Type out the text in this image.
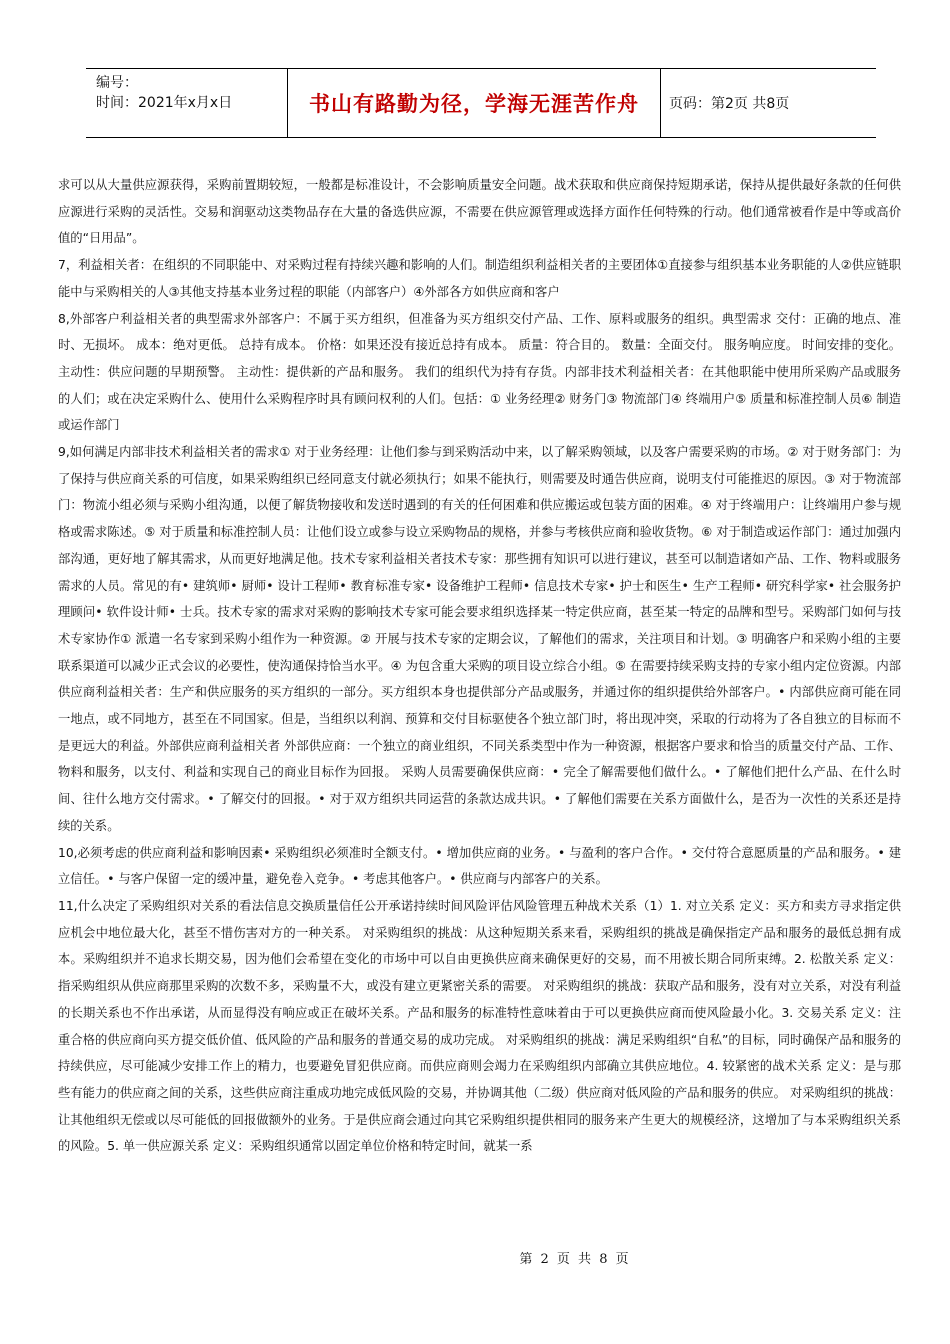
编号：
时间：2021年x月x日	书山有路勤为径，学海无涯苦作舟 页码：第2页 共8页

求可以从大量供应源获得，采购前置期较短，一般都是标准设计，不会影响质量安全问题。战术获取和供应商保持短期承诺，保持从提供最好条款的任何供应源进行采购的灵活性。交易和润驱动这类物品存在大量的备选供应源，不需要在供应源管理或选择方面作任何特殊的行动。他们通常被看作是中等或高价值的“日用品”。

7，利益相关者：在组织的不同职能中、对采购过程有持续兴趣和影响的人们。制造组织利益相关者的主要团体①直接参与组织基本业务职能的人②供应链职能中与采购相关的人③其他支持基本业务过程的职能（内部客户）④外部各方如供应商和客户

8,外部客户利益相关者的典型需求外部客户：不属于买方组织，但准备为买方组织交付产品、工作、原料或服务的组织。典型需求 交付：正确的地点、准时、无损坏。 成本：绝对更低。 总持有成本。 价格：如果还没有接近总持有成本。 质量：符合目的。 数量：全面交付。 服务响应度。 时间安排的变化。 主动性：供应问题的早期预警。 主动性：提供新的产品和服务。 我们的组织代为持有存货。内部非技术利益相关者：在其他职能中使用所采购产品或服务的人们；或在决定采购什么、使用什么采购程序时具有顾问权利的人们。包括：① 业务经理② 财务门③ 物流部门④ 终端用户⑤ 质量和标准控制人员⑥ 制造或运作部门

9,如何满足内部非技术利益相关者的需求① 对于业务经理：让他们参与到采购活动中来，以了解采购领域，以及客户需要采购的市场。② 对于财务部门：为了保持与供应商关系的可信度，如果采购组织已经同意支付就必须执行；如果不能执行，则需要及时通告供应商，说明支付可能推迟的原因。③ 对于物流部门：物流小组必须与采购小组沟通，以便了解货物接收和发送时遇到的有关的任何困难和供应搬运或包装方面的困难。④ 对于终端用户：让终端用户参与规格或需求陈述。⑤ 对于质量和标准控制人员：让他们设立或参与设立采购物品的规格，并参与考核供应商和验收货物。⑥ 对于制造或运作部门：通过加强内部沟通，更好地了解其需求，从而更好地满足他。技术专家利益相关者技术专家：那些拥有知识可以进行建议，甚至可以制造诸如产品、工作、物料或服务需求的人员。常见的有• 建筑师• 厨师• 设计工程师• 教育标准专家• 设备维护工程师• 信息技术专家• 护士和医生• 生产工程师• 研究科学家• 社会服务护理顾问• 软件设计师• 士兵。技术专家的需求对采购的影响技术专家可能会要求组织选择某一特定供应商，甚至某一特定的品牌和型号。采购部门如何与技术专家协作① 派遣一名专家到采购小组作为一种资源。② 开展与技术专家的定期会议，了解他们的需求，关注项目和计划。③ 明确客户和采购小组的主要联系渠道可以减少正式会议的必要性，使沟通保持恰当水平。④ 为包含重大采购的项目设立综合小组。⑤ 在需要持续采购支持的专家小组内定位资源。内部供应商利益相关者：生产和供应服务的买方组织的一部分。买方组织本身也提供部分产品或服务，并通过你的组织提供给外部客户。• 内部供应商可能在同一地点，或不同地方，甚至在不同国家。但是，当组织以利润、预算和交付目标驱使各个独立部门时，将出现冲突，采取的行动将为了各自独立的目标而不是更远大的利益。外部供应商利益相关者 外部供应商：一个独立的商业组织，不同关系类型中作为一种资源，根据客户要求和恰当的质量交付产品、工作、物料和服务，以支付、利益和实现自己的商业目标作为回报。 采购人员需要确保供应商：• 完全了解需要他们做什么。• 了解他们把什么产品、在什么时间、往什么地方交付需求。• 了解交付的回报。• 对于双方组织共同运营的条款达成共识。• 了解他们需要在关系方面做什么，是否为一次性的关系还是持续的关系。

10,必须考虑的供应商利益和影响因素• 采购组织必须准时全额支付。• 增加供应商的业务。• 与盈利的客户合作。• 交付符合意愿质量的产品和服务。• 建立信任。• 与客户保留一定的缓冲量，避免卷入竞争。• 考虑其他客户。• 供应商与内部客户的关系。

11,什么决定了采购组织对关系的看法信息交换质量信任公开承诺持续时间风险评估风险管理五种战术关系（1）1. 对立关系 定义：买方和卖方寻求指定供应机会中地位最大化，甚至不惜伤害对方的一种关系。 对采购组织的挑战：从这种短期关系来看，采购组织的挑战是确保指定产品和服务的最低总拥有成本。采购组织并不追求长期交易，因为他们会希望在变化的市场中可以自由更换供应商来确保更好的交易，而不用被长期合同所束缚。2. 松散关系 定义：指采购组织从供应商那里采购的次数不多，采购量不大，或没有建立更紧密关系的需要。 对采购组织的挑战：获取产品和服务，没有对立关系，对没有利益的长期关系也不作出承诺，从而显得没有响应或正在破坏关系。产品和服务的标准特性意味着由于可以更换供应商而使风险最小化。3. 交易关系 定义：注重合格的供应商向买方提交低价值、低风险的产品和服务的普通交易的成功完成。 对采购组织的挑战：满足采购组织“自私”的目标，同时确保产品和服务的持续供应，尽可能减少安排工作上的精力，也要避免冒犯供应商。而供应商则会竭力在采购组织内部确立其供应地位。4. 较紧密的战术关系 定义：是与那些有能力的供应商之间的关系，这些供应商注重成功地完成低风险的交易，并协调其他（二级）供应商对低风险的产品和服务的供应。 对采购组织的挑战：让其他组织无偿或以尽可能低的回报做额外的业务。于是供应商会通过向其它采购组织提供相同的服务来产生更大的规模经济，这增加了与本采购组织关系的风险。5. 单一供应源关系 定义：采购组织通常以固定单位价格和特定时间，就某一系

第 2 页 共 8 页
